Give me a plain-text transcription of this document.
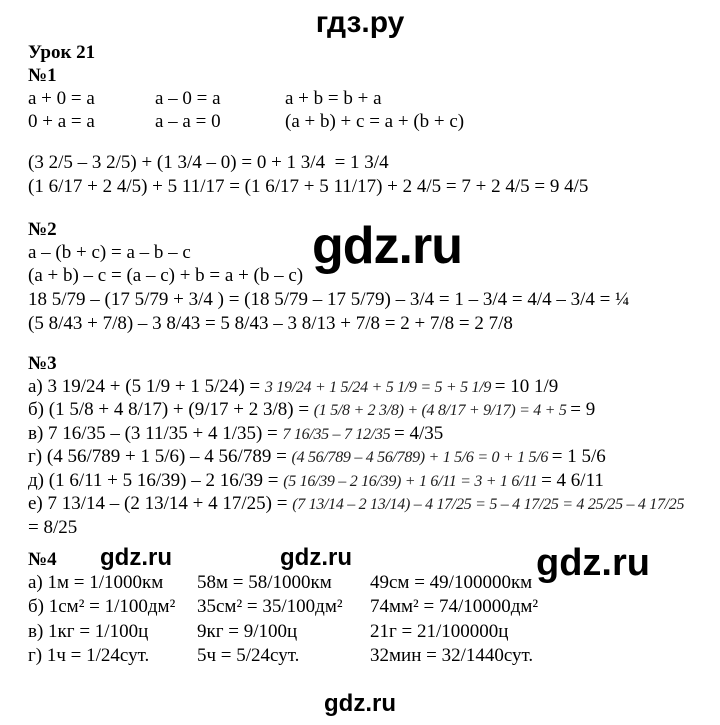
гдз.ру
Урок 21
№1
a + 0 = a	a – 0 = a	a + b = b + a
0 + a = a	a – a = 0	(a + b) + c = a + (b + c)
(3 2/5 – 3 2/5) + (1 3/4 – 0) = 0 + 1 3/4  = 1 3/4
(1 6/17 + 2 4/5) + 5 11/17 = (1 6/17 + 5 11/17) + 2 4/5 = 7 + 2 4/5 = 9 4/5
№2	gdz.ru
a – (b + c) = a – b – c
(a + b) – c = (a – c) + b = a + (b – c)
18 5/79 – (17 5/79 + 3/4 ) = (18 5/79 – 17 5/79) – 3/4 = 1 – 3/4 = 4/4 – 3/4 = ¼
(5 8/43 + 7/8) – 3 8/43 = 5 8/43 – 3 8/13 + 7/8 = 2 + 7/8 = 2 7/8
№3
а) 3 19/24 + (5 1/9 + 1 5/24) = 3 19/24 + 1 5/24 + 5 1/9 = 5 + 5 1/9 = 10 1/9
б) (1 5/8 + 4 8/17) + (9/17 + 2 3/8) = (1 5/8 + 2 3/8) + (4 8/17 + 9/17) = 4 + 5 = 9
в) 7 16/35 – (3 11/35 + 4 1/35) = 7 16/35 – 7 12/35 = 4/35
г) (4 56/789 + 1 5/6) – 4 56/789 = (4 56/789 – 4 56/789) + 1 5/6 = 0 + 1 5/6 = 1 5/6
д) (1 6/11 + 5 16/39) – 2 16/39 = (5 16/39 – 2 16/39) + 1 6/11 = 3 + 1 6/11 = 4 6/11
е) 7 13/14 – (2 13/14 + 4 17/25) = (7 13/14 – 2 13/14) – 4 17/25 = 5 – 4 17/25 = 4 25/25 – 4 17/25
= 8/25
№4 gdz.ru	gdz.ru	gdz.ru
а) 1м = 1/1000км 58м = 58/1000км 49см = 49/100000км
б) 1см² = 1/100дм² 35см² = 35/100дм² 74мм² = 74/10000дм²
в) 1кг = 1/100ц	9кг = 9/100ц	21г = 21/100000ц
г) 1ч = 1/24сут.	5ч = 5/24сут.	32мин = 32/1440сут.
gdz.ru
